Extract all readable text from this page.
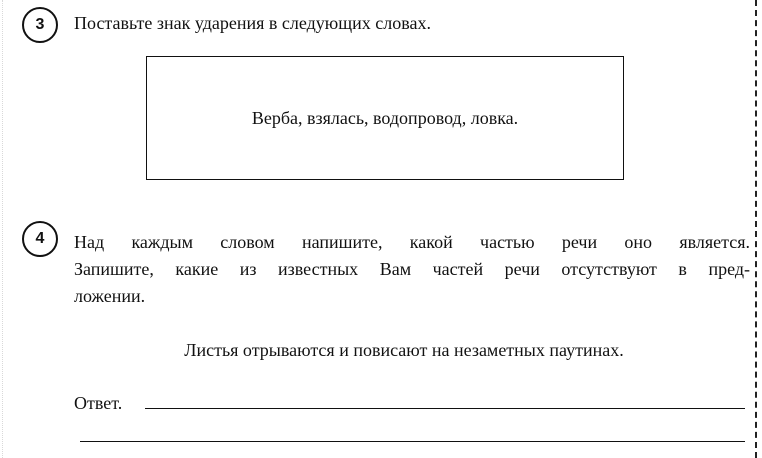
3 Поставьте знак ударения в следующих словах.
Верба, взялась, водопровод, ловка.
4 Над каждым словом напишите, какой частью речи оно является.
Запишите, какие из известных Вам частей речи отсутствуют в пред-
ложении.
Листья отрываются и повисают на незаметных паутинах.
Ответ.
